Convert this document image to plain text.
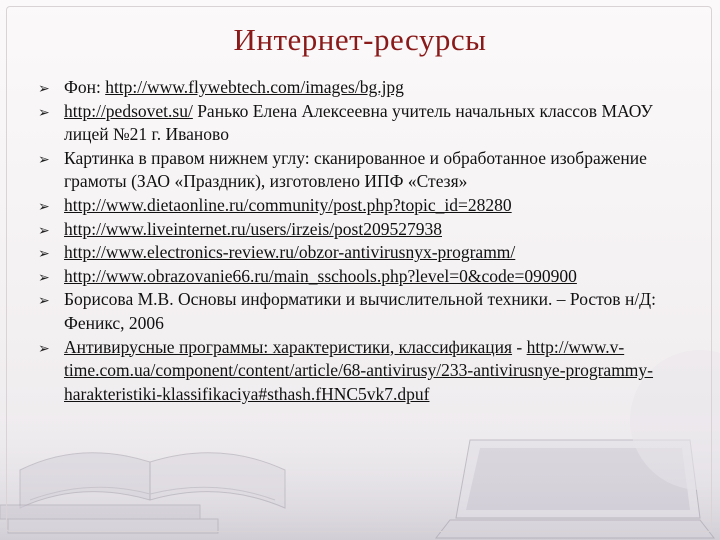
Интернет-ресурсы
➢ Фон: http://www.flywebtech.com/images/bg.jpg
➢ http://pedsovet.su/ Ранько Елена Алексеевна учитель начальных классов МАОУ лицей №21 г. Иваново
➢ Картинка в правом нижнем углу: сканированное и обработанное изображение грамоты (ЗАО «Праздник), изготовлено ИПФ «Стезя»
➢ http://www.dietaonline.ru/community/post.php?topic_id=28280
➢ http://www.liveinternet.ru/users/irzeis/post209527938
➢ http://www.electronics-review.ru/obzor-antivirusnyx-programm/
➢ http://www.obrazovanie66.ru/main_sschools.php?level=0&code=090900
➢ Борисова М.В. Основы информатики и вычислительной техники. – Ростов н/Д: Феникс, 2006
➢ Антивирусные программы: характеристики, классификация - http://www.v-time.com.ua/component/content/article/68-antivirusy/233-antivirusnye-programmy-harakteristiki-klassifikaciya#sthash.fHNC5vk7.dpuf
